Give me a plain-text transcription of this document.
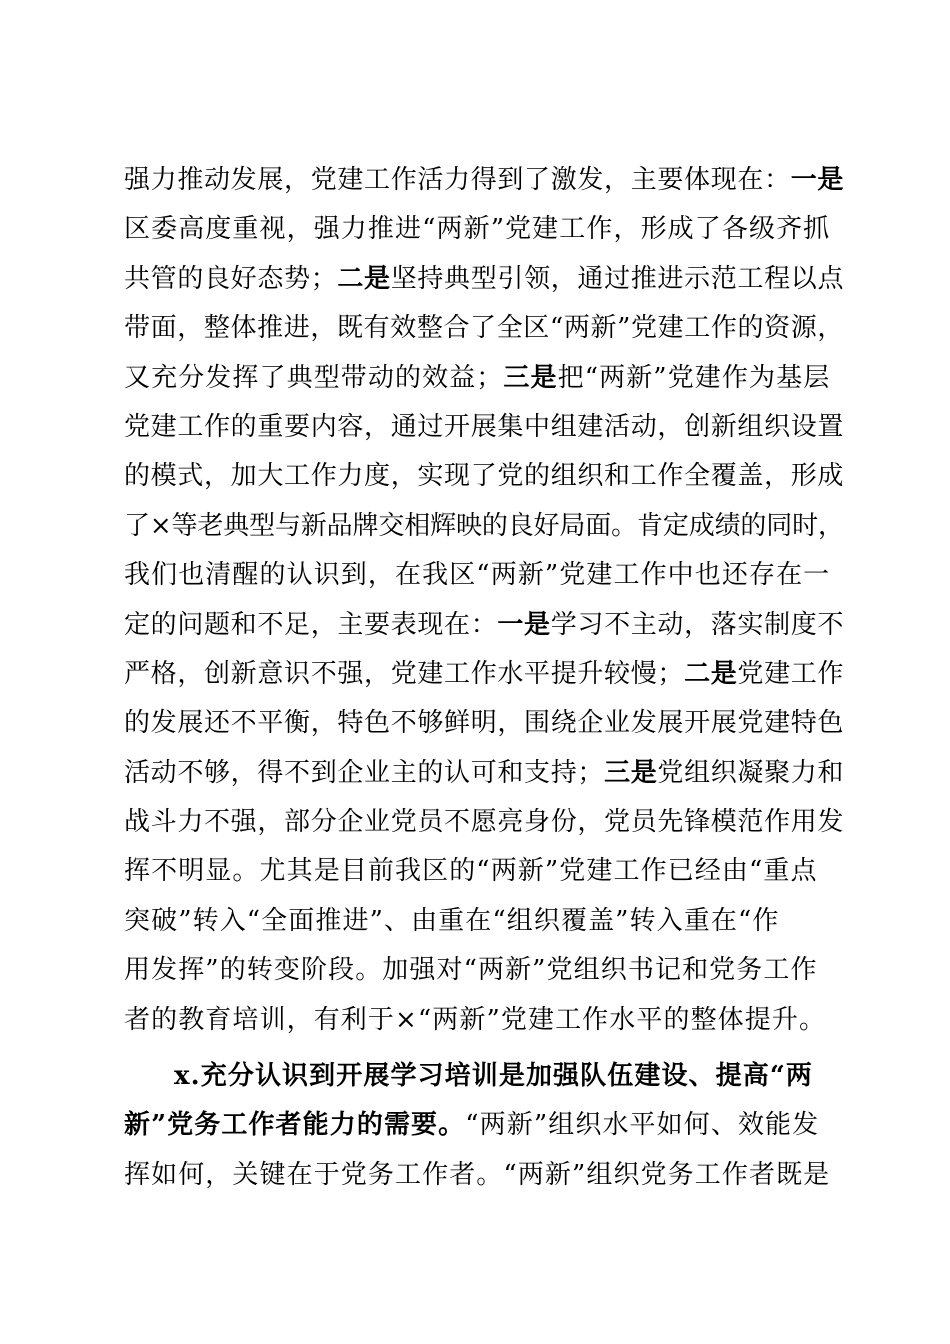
强力推动发展，党建工作活力得到了激发，主要体现在：一是
区委高度重视，强力推进“两新”党建工作，形成了各级齐抓
共管的良好态势；二是坚持典型引领，通过推进示范工程以点
带面，整体推进，既有效整合了全区“两新”党建工作的资源，
又充分发挥了典型带动的效益；三是把“两新”党建作为基层
党建工作的重要内容，通过开展集中组建活动，创新组织设置
的模式，加大工作力度，实现了党的组织和工作全覆盖，形成
了×等老典型与新品牌交相辉映的良好局面。肯定成绩的同时，
我们也清醒的认识到，在我区“两新”党建工作中也还存在一
定的问题和不足，主要表现在：一是学习不主动，落实制度不
严格，创新意识不强，党建工作水平提升较慢；二是党建工作
的发展还不平衡，特色不够鲜明，围绕企业发展开展党建特色
活动不够，得不到企业主的认可和支持；三是党组织凝聚力和
战斗力不强，部分企业党员不愿亮身份，党员先锋模范作用发
挥不明显。尤其是目前我区的“两新”党建工作已经由“重点
突破”转入“全面推进”、由重在“组织覆盖”转入重在“作
用发挥”的转变阶段。加强对“两新”党组织书记和党务工作
者的教育培训，有利于×“两新”党建工作水平的整体提升。
x.充分认识到开展学习培训是加强队伍建设、提高“两
新”党务工作者能力的需要。“两新”组织水平如何、效能发
挥如何，关键在于党务工作者。“两新”组织党务工作者既是
